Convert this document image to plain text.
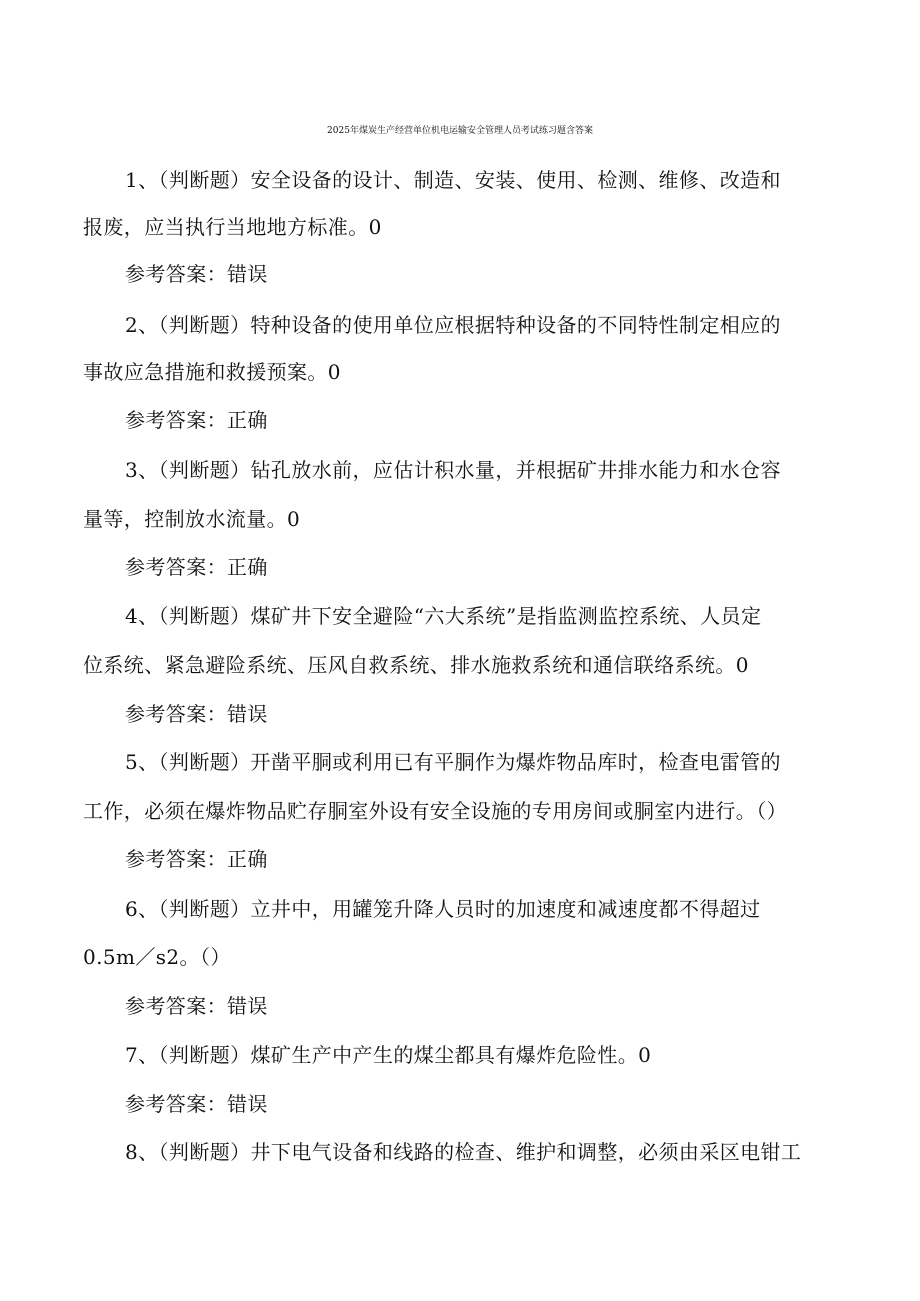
2025年煤炭生产经营单位机电运输安全管理人员考试练习题含答案
1、（判断题）安全设备的设计、制造、安装、使用、检测、维修、改造和
报废，应当执行当地地方标准。0
参考答案：错误
2、（判断题）特种设备的使用单位应根据特种设备的不同特性制定相应的
事故应急措施和救援预案。0
参考答案：正确
3、（判断题）钻孔放水前，应估计积水量，并根据矿井排水能力和水仓容
量等，控制放水流量。0
参考答案：正确
4、（判断题）煤矿井下安全避险“六大系统”是指监测监控系统、人员定
位系统、紧急避险系统、压风自救系统、排水施救系统和通信联络系统。0
参考答案：错误
5、（判断题）开凿平胴或利用已有平胴作为爆炸物品库时，检查电雷管的
工作，必须在爆炸物品贮存胴室外设有安全设施的专用房间或胴室内进行。（）
参考答案：正确
6、（判断题）立井中，用罐笼升降人员时的加速度和减速度都不得超过
0.5m／s2。（）
参考答案：错误
7、（判断题）煤矿生产中产生的煤尘都具有爆炸危险性。0
参考答案：错误
8、（判断题）井下电气设备和线路的检查、维护和调整，必须由采区电钳工
